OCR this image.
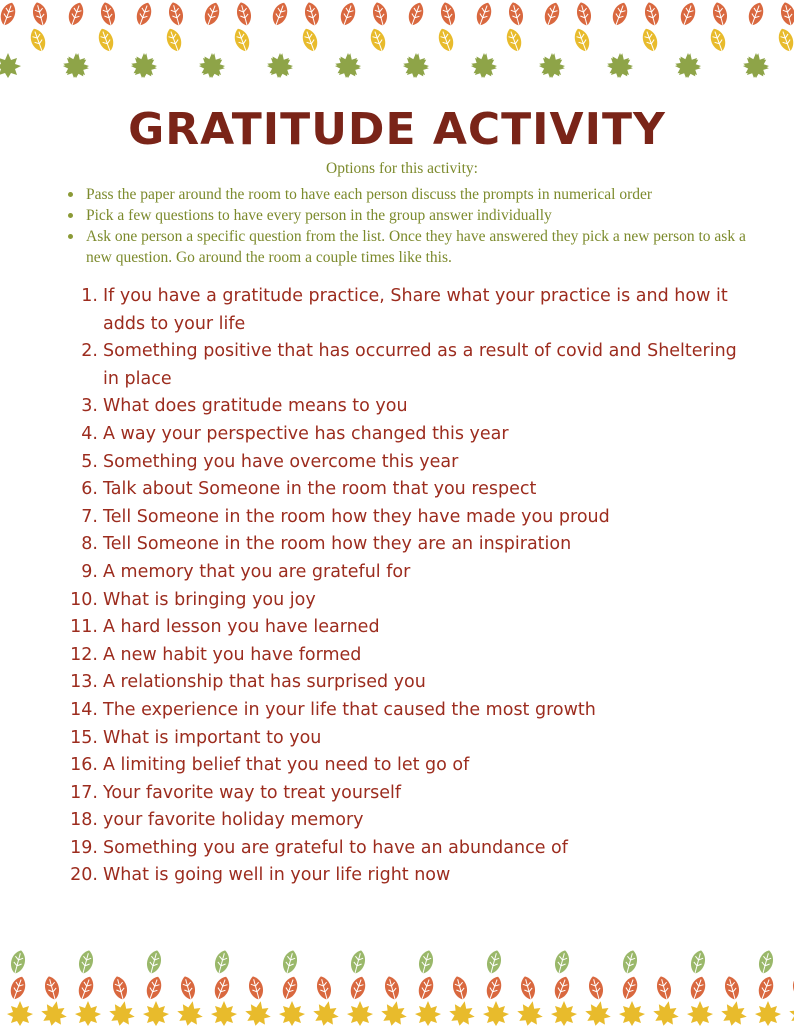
GRATITUDE ACTIVITY

Options for this activity:

Pass the paper around the room to have each person discuss the prompts in numerical order
Pick a few questions to have every person in the group answer individually
Ask one person a specific question from the list. Once they have answered they pick a new person to ask a new question. Go around the room a couple times like this.
1. If you have a gratitude practice, Share what your practice is and how it adds to your life
2. Something positive that has occurred as a result of covid and Sheltering in place
3. What does gratitude means to you
4. A way your perspective has changed this year
5. Something you have overcome this year
6. Talk about Someone in the room that you respect
7. Tell Someone in the room how they have made you proud
8. Tell Someone in the room how they are an inspiration
9. A memory that you are grateful for
10. What is bringing you joy
11. A hard lesson you have learned
12. A new habit you have formed
13. A relationship that has surprised you
14. The experience in your life that caused the most growth
15. What is important to you
16. A limiting belief that you need to let go of
17. Your favorite way to treat yourself
18. your favorite holiday memory
19. Something you are grateful to have an abundance of
20. What is going well in your life right now
